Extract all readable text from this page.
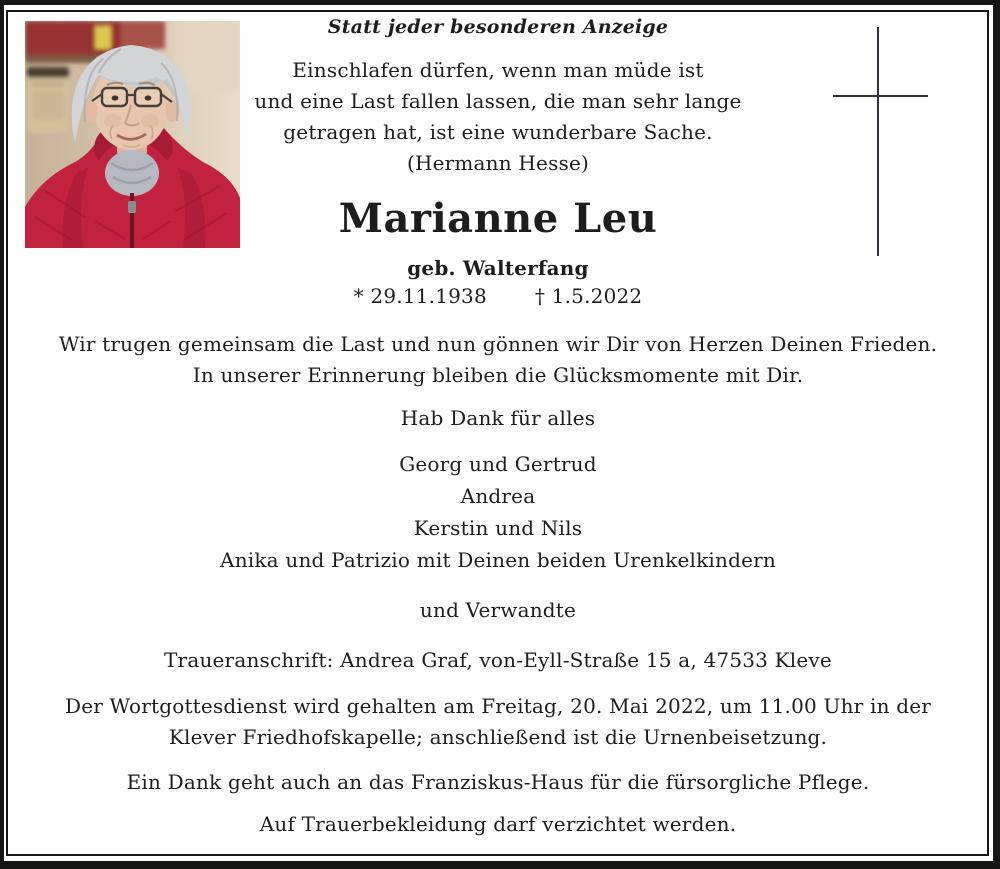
Statt jeder besonderen Anzeige
Einschlafen dürfen, wenn man müde ist
und eine Last fallen lassen, die man sehr lange
getragen hat, ist eine wunderbare Sache.
(Hermann Hesse)
Marianne Leu
geb. Walterfang
* 29.11.1938 † 1.5.2022
Wir trugen gemeinsam die Last und nun gönnen wir Dir von Herzen Deinen Frieden.
In unserer Erinnerung bleiben die Glücksmomente mit Dir.
Hab Dank für alles
Georg und Gertrud
Andrea
Kerstin und Nils
Anika und Patrizio mit Deinen beiden Urenkelkindern
und Verwandte
Traueranschrift: Andrea Graf, von-Eyll-Straße 15 a, 47533 Kleve
Der Wortgottesdienst wird gehalten am Freitag, 20. Mai 2022, um 11.00 Uhr in der
Klever Friedhofskapelle; anschließend ist die Urnenbeisetzung.
Ein Dank geht auch an das Franziskus-Haus für die fürsorgliche Pflege.
Auf Trauerbekleidung darf verzichtet werden.
